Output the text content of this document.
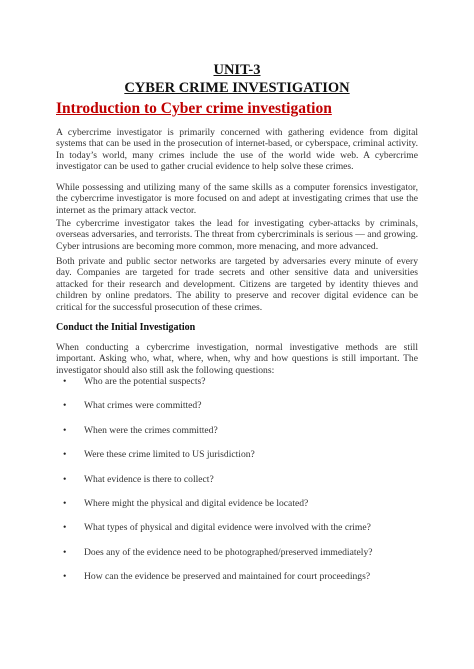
UNIT-3
CYBER CRIME INVESTIGATION
Introduction to Cyber crime investigation
A cybercrime investigator is primarily concerned with gathering evidence from digital systems that can be used in the prosecution of internet-based, or cyberspace, criminal activity. In today’s world, many crimes include the use of the world wide web. A cybercrime investigator can be used to gather crucial evidence to help solve these crimes.
While possessing and utilizing many of the same skills as a computer forensics investigator, the cybercrime investigator is more focused on and adept at investigating crimes that use the internet as the primary attack vector.
The cybercrime investigator takes the lead for investigating cyber-attacks by criminals, overseas adversaries, and terrorists. The threat from cybercriminals is serious — and growing. Cyber intrusions are becoming more common, more menacing, and more advanced.
Both private and public sector networks are targeted by adversaries every minute of every day. Companies are targeted for trade secrets and other sensitive data and universities attacked for their research and development. Citizens are targeted by identity thieves and children by online predators. The ability to preserve and recover digital evidence can be critical for the successful prosecution of these crimes.
Conduct the Initial Investigation
When conducting a cybercrime investigation, normal investigative methods are still important. Asking who, what, where, when, why and how questions is still important. The investigator should also still ask the following questions:
• Who are the potential suspects?
• What crimes were committed?
• When were the crimes committed?
• Were these crime limited to US jurisdiction?
• What evidence is there to collect?
• Where might the physical and digital evidence be located?
• What types of physical and digital evidence were involved with the crime?
• Does any of the evidence need to be photographed/preserved immediately?
• How can the evidence be preserved and maintained for court proceedings?
